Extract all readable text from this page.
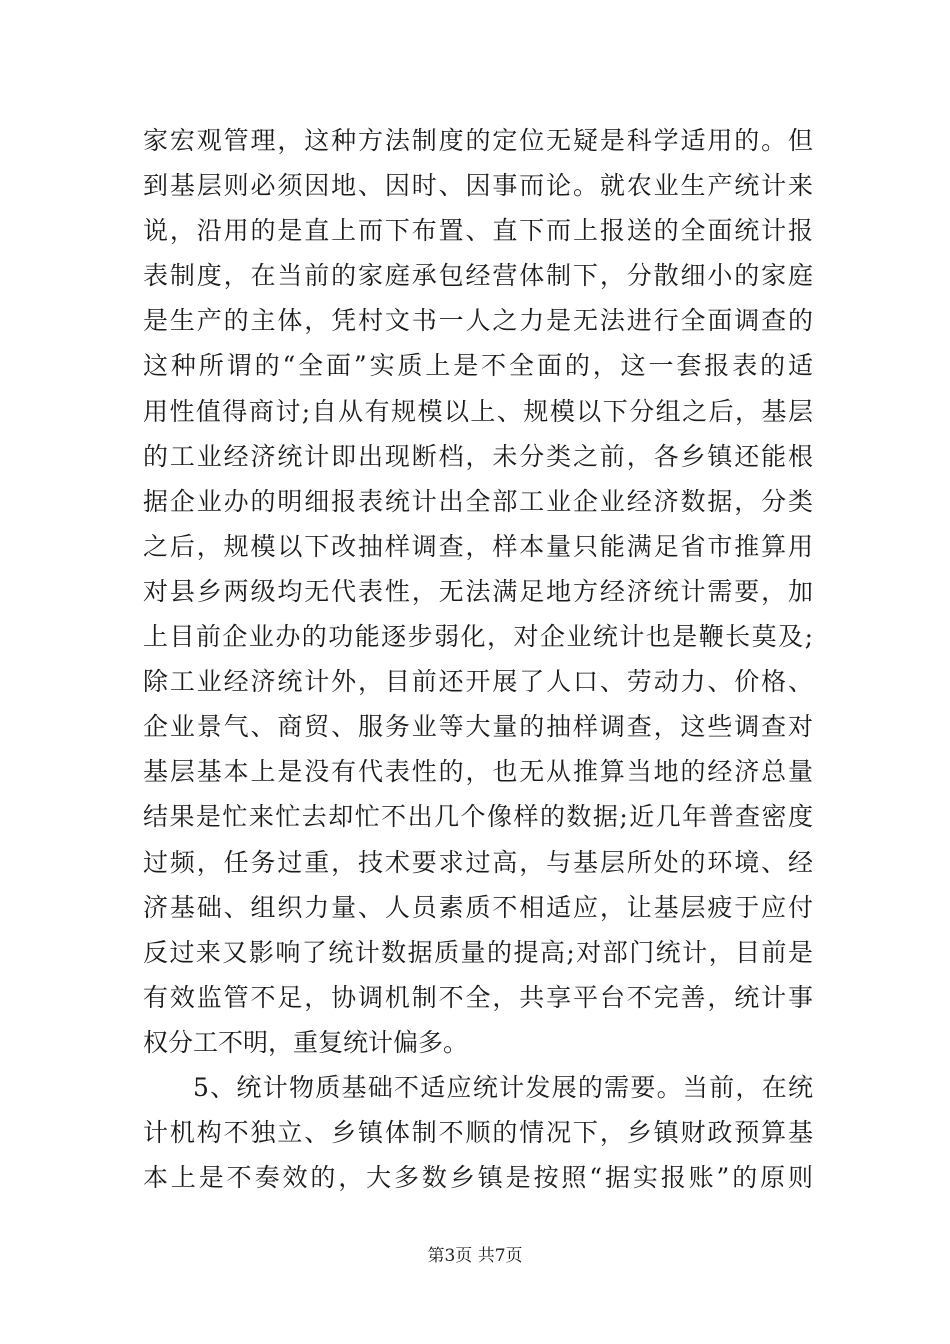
家宏观管理，这种方法制度的定位无疑是科学适用的。但
到基层则必须因地、因时、因事而论。就农业生产统计来
说，沿用的是直上而下布置、直下而上报送的全面统计报
表制度，在当前的家庭承包经营体制下，分散细小的家庭
是生产的主体，凭村文书一人之力是无法进行全面调查的
这种所谓的“全面”实质上是不全面的，这一套报表的适
用性值得商讨;自从有规模以上、规模以下分组之后，基层
的工业经济统计即出现断档，未分类之前，各乡镇还能根
据企业办的明细报表统计出全部工业企业经济数据，分类
之后，规模以下改抽样调查，样本量只能满足省市推算用
对县乡两级均无代表性，无法满足地方经济统计需要，加
上目前企业办的功能逐步弱化，对企业统计也是鞭长莫及;
除工业经济统计外，目前还开展了人口、劳动力、价格、
企业景气、商贸、服务业等大量的抽样调查，这些调查对
基层基本上是没有代表性的，也无从推算当地的经济总量
结果是忙来忙去却忙不出几个像样的数据;近几年普查密度
过频，任务过重，技术要求过高，与基层所处的环境、经
济基础、组织力量、人员素质不相适应，让基层疲于应付
反过来又影响了统计数据质量的提高;对部门统计，目前是
有效监管不足，协调机制不全，共享平台不完善，统计事
权分工不明，重复统计偏多。
5、统计物质基础不适应统计发展的需要。当前，在统
计机构不独立、乡镇体制不顺的情况下，乡镇财政预算基
本上是不奏效的，大多数乡镇是按照“据实报账”的原则
第3页 共7页
